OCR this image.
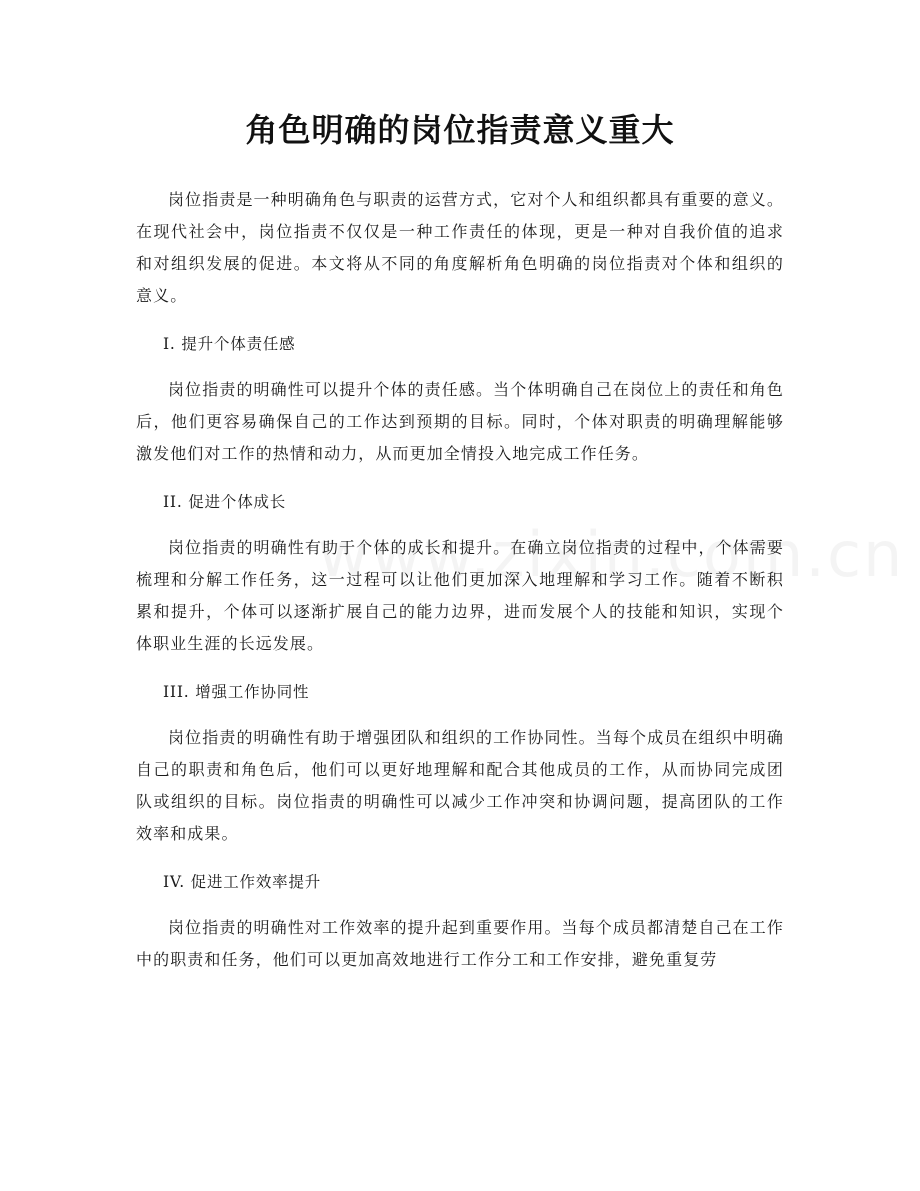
角色明确的岗位指责意义重大

岗位指责是一种明确角色与职责的运营方式，它对个人和组织都具有重要的意义。在现代社会中，岗位指责不仅仅是一种工作责任的体现，更是一种对自我价值的追求和对组织发展的促进。本文将从不同的角度解析角色明确的岗位指责对个体和组织的意义。

I. 提升个体责任感

岗位指责的明确性可以提升个体的责任感。当个体明确自己在岗位上的责任和角色后，他们更容易确保自己的工作达到预期的目标。同时，个体对职责的明确理解能够激发他们对工作的热情和动力，从而更加全情投入地完成工作任务。

II. 促进个体成长

岗位指责的明确性有助于个体的成长和提升。在确立岗位指责的过程中，个体需要梳理和分解工作任务，这一过程可以让他们更加深入地理解和学习工作。随着不断积累和提升，个体可以逐渐扩展自己的能力边界，进而发展个人的技能和知识，实现个体职业生涯的长远发展。

III. 增强工作协同性

岗位指责的明确性有助于增强团队和组织的工作协同性。当每个成员在组织中明确自己的职责和角色后，他们可以更好地理解和配合其他成员的工作，从而协同完成团队或组织的目标。岗位指责的明确性可以减少工作冲突和协调问题，提高团队的工作效率和成果。

IV. 促进工作效率提升

岗位指责的明确性对工作效率的提升起到重要作用。当每个成员都清楚自己在工作中的职责和任务，他们可以更加高效地进行工作分工和工作安排，避免重复劳
